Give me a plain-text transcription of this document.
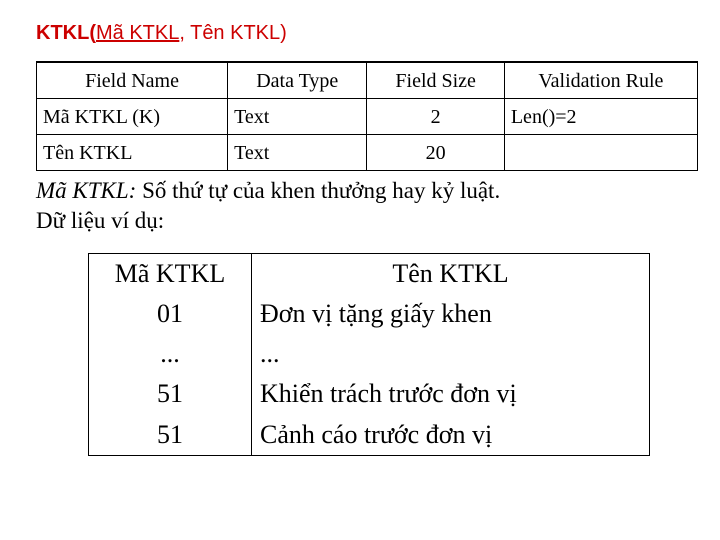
KTKL(Mã KTKL, Tên KTKL)
Field Name	Data Type	Field Size	Validation Rule
Mã KTKL (K)	Text	2	Len()=2
Tên KTKL	Text	20	
Mã KTKL: Số thứ tự của khen thưởng hay kỷ luật.
Dữ liệu ví dụ:
Mã KTKL	Tên KTKL
01	Đơn vị tặng giấy khen
...	...
51	Khiển trách trước đơn vị
51	Cảnh cáo trước đơn vị
